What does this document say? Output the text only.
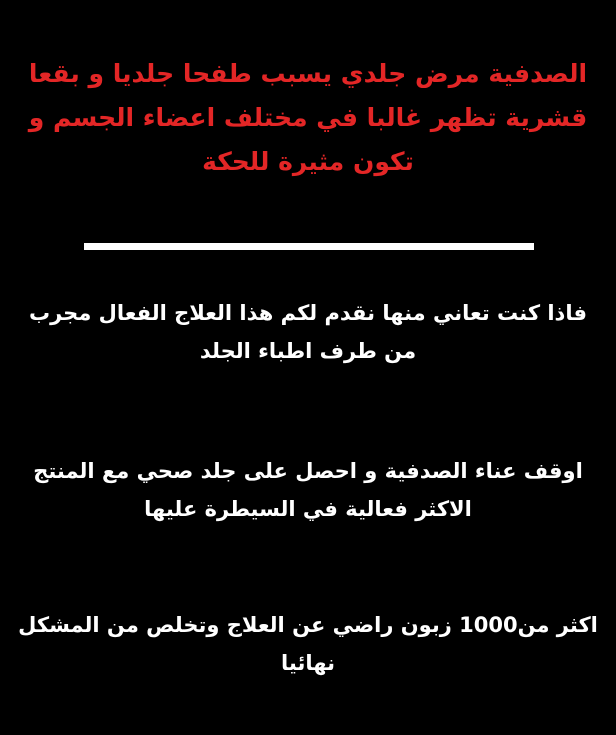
الصدفية مرض جلدي يسبب طفحا جلديا و بقعا قشرية تظهر غالبا في مختلف اعضاء الجسم و تكون مثيرة للحكة

فاذا كنت تعاني منها نقدم لكم هذا العلاج الفعال مجرب من طرف اطباء الجلد

اوقف عناء الصدفية و احصل على جلد صحي مع المنتج الاكثر فعالية في السيطرة عليها

اكثر من1000 زبون راضي عن العلاج وتخلص من المشكل نهائيا
